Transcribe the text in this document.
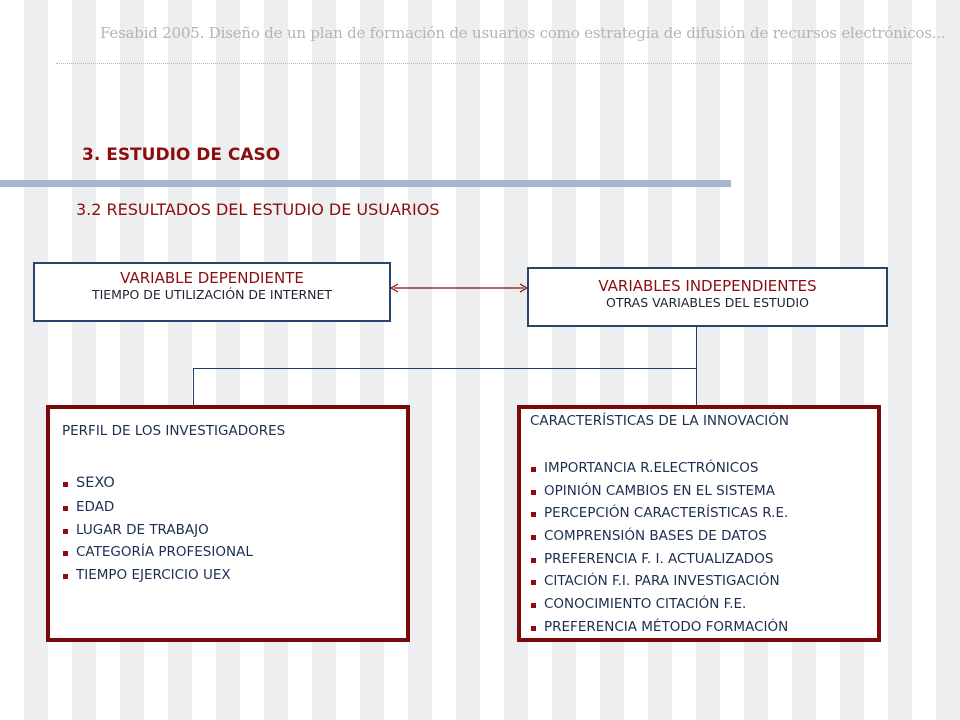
Fesabid 2005. Diseño de un plan de formación de usuarios como estrategia de difusión de recursos electrónicos...
3. ESTUDIO DE CASO
3.2 RESULTADOS DEL ESTUDIO DE USUARIOS
VARIABLE DEPENDIENTE
TIEMPO DE UTILIZACIÓN DE INTERNET	VARIABLES INDEPENDIENTES
OTRAS VARIABLES DEL ESTUDIO
PERFIL DE LOS INVESTIGADORES
SEXO
EDAD
LUGAR DE TRABAJO
CATEGORÍA PROFESIONAL
TIEMPO EJERCICIO UEX
CARACTERÍSTICAS DE LA INNOVACIÓN
IMPORTANCIA R.ELECTRÓNICOS
OPINIÓN CAMBIOS EN EL SISTEMA
PERCEPCIÓN CARACTERÍSTICAS R.E.
COMPRENSIÓN BASES DE DATOS
PREFERENCIA F. I. ACTUALIZADOS
CITACIÓN F.I. PARA INVESTIGACIÓN
CONOCIMIENTO CITACIÓN F.E.
PREFERENCIA MÉTODO FORMACIÓN
